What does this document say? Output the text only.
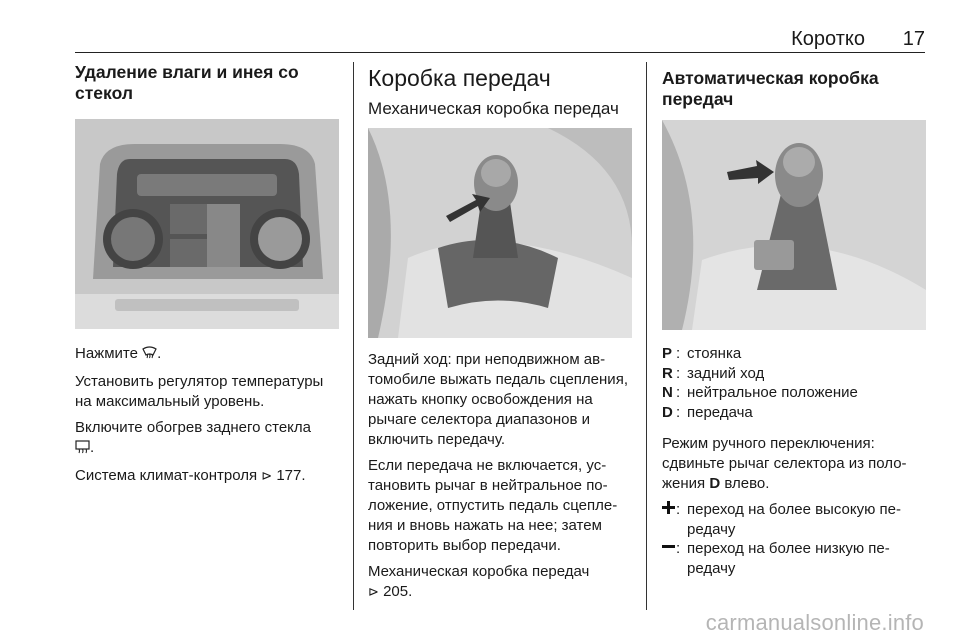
Коротко 17
Удаление влаги и инея со стекол

Нажмите .

Установить регулятор температуры на максимальный уровень.

Включите обогрев заднего стекла
.

Система климат-контроля ⊳ 177.

Коробка передач
Механическая коробка передач

Задний ход: при неподвижном автомобиле выжать педаль сцепления, нажать кнопку освобождения на рычаге селектора диапазонов и включить передачу.

Если передача не включается, установить рычаг в нейтральное положение, отпустить педаль сцепления и вновь нажать на нее; затем повторить выбор передачи.

Механическая коробка передач
⊳ 205.

Автоматическая коробка передач
P : стоянка
R : задний ход
N : нейтральное положение
D : передача

Режим ручного переключения: сдвиньте рычаг селектора из положения D влево.

: переход на более высокую передачу
: переход на более низкую передачу
carmanualsonline.info
